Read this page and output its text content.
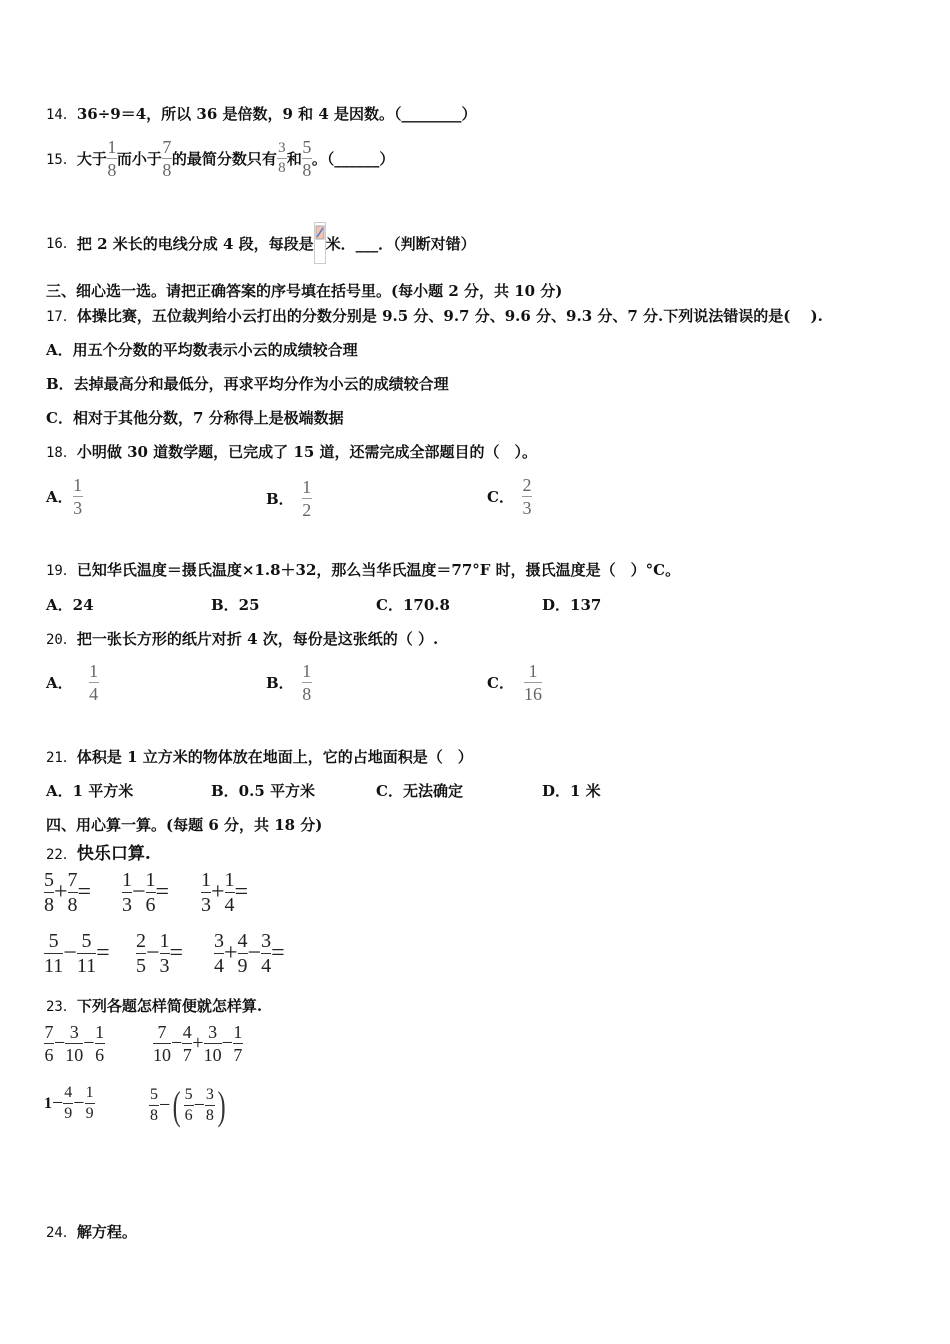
14．36÷9＝4，所以 36 是倍数，9 和 4 是因数。（________）
15． 大于
1
8
而小于
7
8
的最简分数只有
3
8 和
5
8
。（______）
16． 把 2 米长的电线分成 4 段，每段是 米．___．（判断对错）
三、细心选一选。请把正确答案的序号填在括号里。(每小题 2 分，共 10 分)
17．体操比赛，五位裁判给小云打出的分数分别是 9.5 分、9.7 分、9.6 分、9.3 分、7 分.下列说法错误的是(　 ).
A．用五个分数的平均数表示小云的成绩较合理
B．去掉最高分和最低分，再求平均分作为小云的成绩较合理
C．相对于其他分数，7 分称得上是极端数据
18．小明做 30 道数学题，已完成了 15 道，还需完成全部题目的（　）。
A．
1
3	B．
1
2
C．
2
3
19．已知华氏温度＝摄氏温度×1.8＋32，那么当华氏温度＝77°F 时，摄氏温度是（　）°C。
A．24	B．25	C．170.8	D．137
20．把一张长方形的纸片对折 4 次，每份是这张纸的（ ）.
A．
1
4
B．
1
8
C．
1
16
21．体积是 1 立方米的物体放在地面上，它的占地面积是（　）
A．1 平方米	B．0.5 平方米	C．无法确定	D．1 米
四、用心算一算。(每题 6 分，共 18 分)
22．快乐口算.
5
8 + 7
8 = 1
3 − 1
6 = 1
3 + 1
4 =
5
11 − 5
11 = 2
5 − 1
3 = 3
4 + 4
9 − 3
4 =
23．下列各题怎样简便就怎样算.
7
6
− 3
10
− 1
6
7
10
− 4
7
+ 3
10
− 1
7
1 − 4
9 − 1
9
5
8 − ( 5
6 − 3
8 )
24．解方程。
